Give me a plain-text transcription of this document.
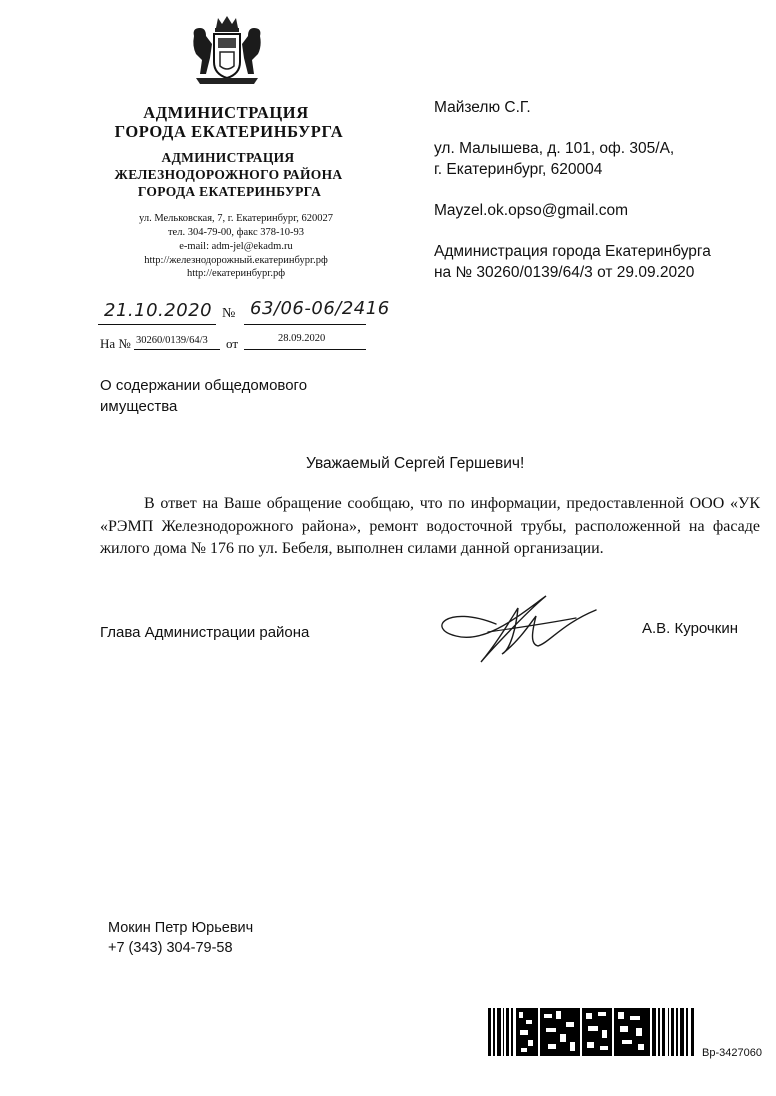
АДМИНИСТРАЦИЯ
ГОРОДА ЕКАТЕРИНБУРГА
АДМИНИСТРАЦИЯ
ЖЕЛЕЗНОДОРОЖНОГО РАЙОНА
ГОРОДА ЕКАТЕРИНБУРГА
ул. Мельковская, 7, г. Екатеринбург, 620027
тел. 304-79-00, факс 378-10-93
e-mail: adm-jel@ekadm.ru
http://железнодорожный.екатеринбург.рф
http://екатеринбург.рф
21.10.2020 № 63/06-06/2416
На № 30260/0139/64/3 от	28.09.2020
Майзелю С.Г.
ул. Малышева, д. 101, оф. 305/А,
г. Екатеринбург, 620004
Mayzel.ok.opso@gmail.com
Администрация города Екатеринбурга
на № 30260/0139/64/3 от 29.09.2020
О содержании общедомового
имущества
Уважаемый Сергей Гершевич!
В ответ на Ваше обращение сообщаю, что по информации, предоставленной ООО «УК «РЭМП Железнодорожного района», ремонт водосточной трубы, расположенной на фасаде жилого дома № 176 по ул. Бебеля, выполнен силами данной организации.
Глава Администрации района	А.В. Курочкин
Мокин Петр Юрьевич
+7 (343) 304-79-58
Вр-3427060
